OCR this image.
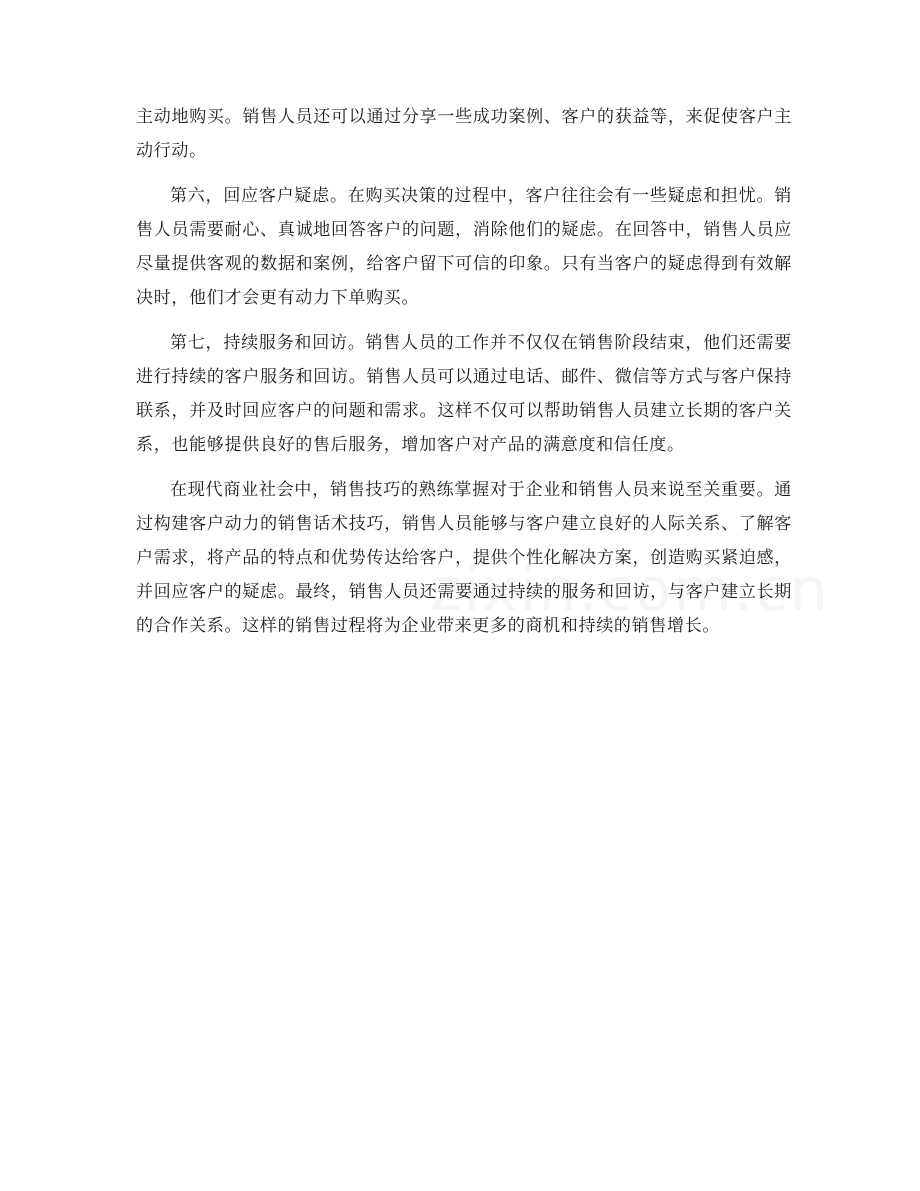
主动地购买。销售人员还可以通过分享一些成功案例、客户的获益等，来促使客户主动行动。

第六，回应客户疑虑。在购买决策的过程中，客户往往会有一些疑虑和担忧。销售人员需要耐心、真诚地回答客户的问题，消除他们的疑虑。在回答中，销售人员应尽量提供客观的数据和案例，给客户留下可信的印象。只有当客户的疑虑得到有效解决时，他们才会更有动力下单购买。

第七，持续服务和回访。销售人员的工作并不仅仅在销售阶段结束，他们还需要进行持续的客户服务和回访。销售人员可以通过电话、邮件、微信等方式与客户保持联系，并及时回应客户的问题和需求。这样不仅可以帮助销售人员建立长期的客户关系，也能够提供良好的售后服务，增加客户对产品的满意度和信任度。

在现代商业社会中，销售技巧的熟练掌握对于企业和销售人员来说至关重要。通过构建客户动力的销售话术技巧，销售人员能够与客户建立良好的人际关系、了解客户需求，将产品的特点和优势传达给客户，提供个性化解决方案，创造购买紧迫感，并回应客户的疑虑。最终，销售人员还需要通过持续的服务和回访，与客户建立长期的合作关系。这样的销售过程将为企业带来更多的商机和持续的销售增长。
